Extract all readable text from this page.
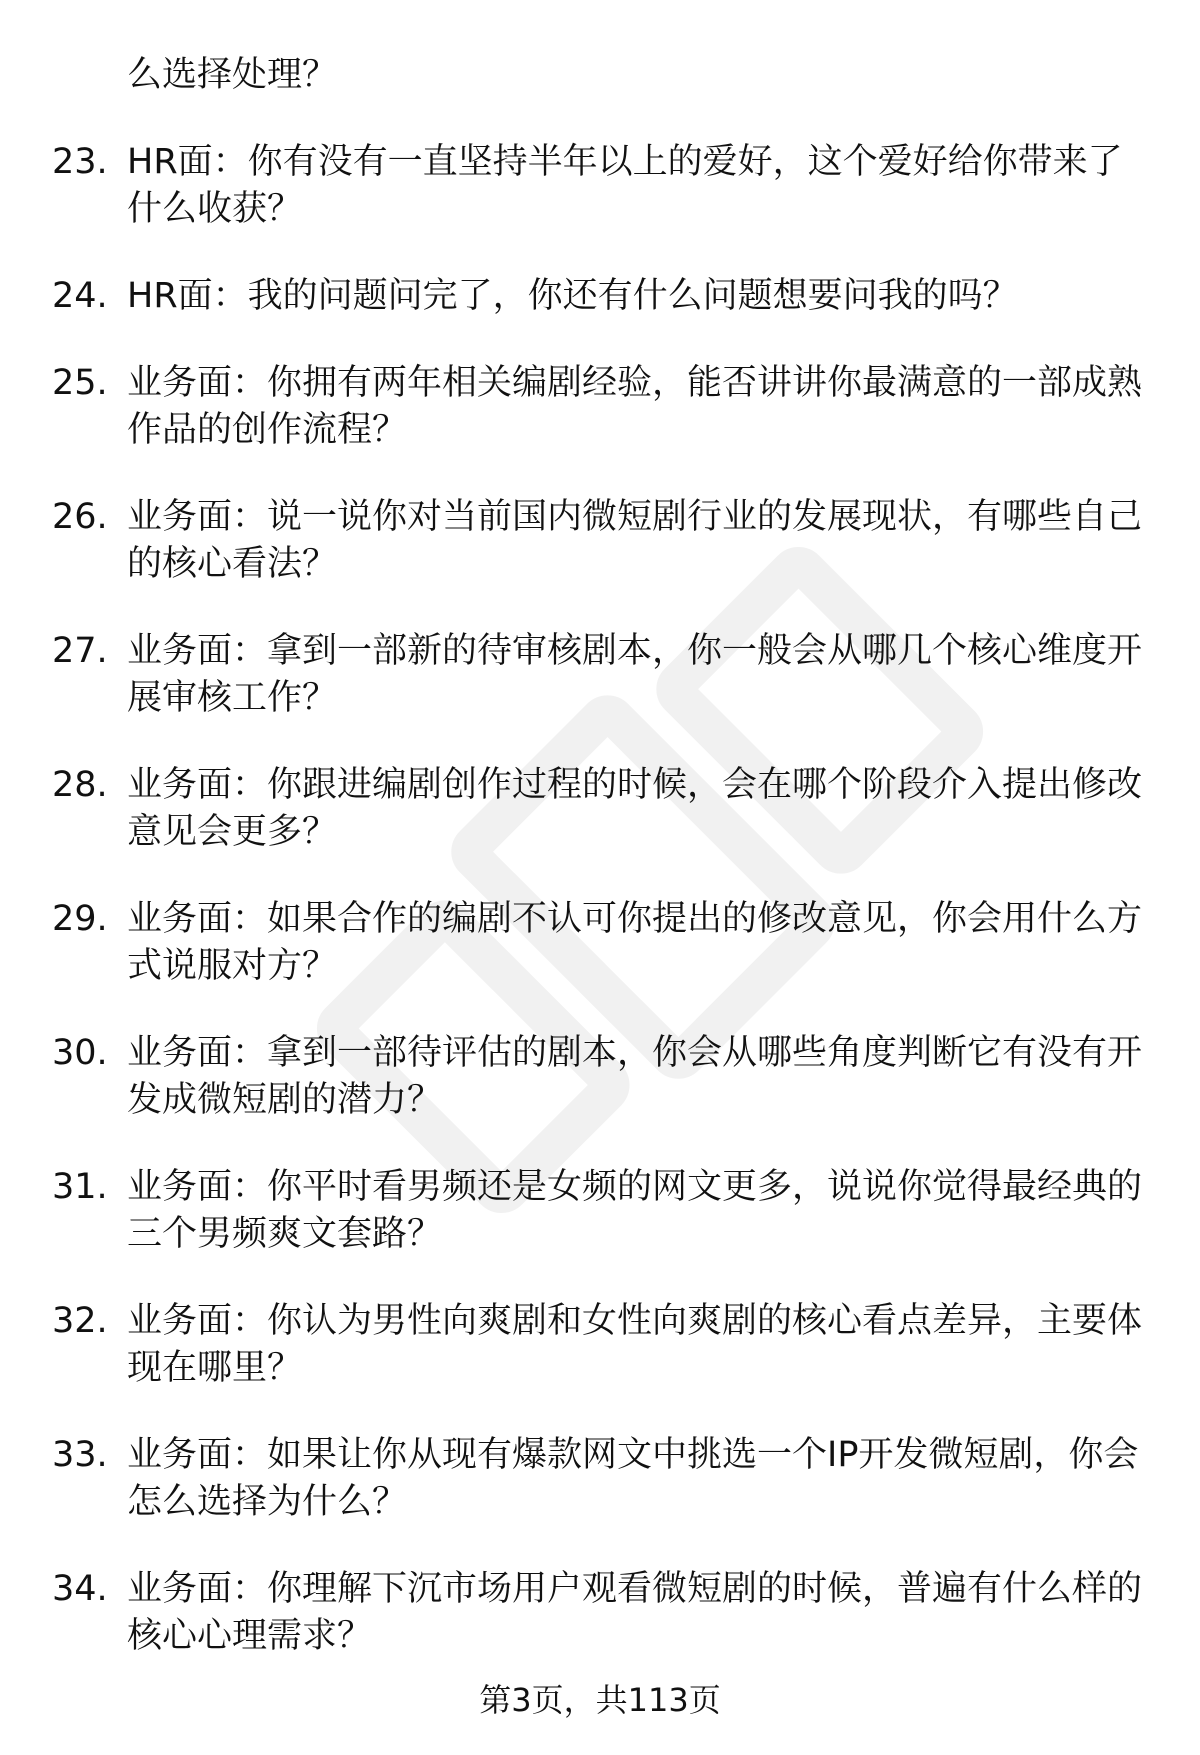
么选择处理？
23. HR面：你有没有一直坚持半年以上的爱好，这个爱好给你带来了什么收获？
24. HR面：我的问题问完了，你还有什么问题想要问我的吗？
25. 业务面：你拥有两年相关编剧经验，能否讲讲你最满意的一部成熟作品的创作流程？
26. 业务面：说一说你对当前国内微短剧行业的发展现状，有哪些自己的核心看法？
27. 业务面：拿到一部新的待审核剧本，你一般会从哪几个核心维度开展审核工作？
28. 业务面：你跟进编剧创作过程的时候，会在哪个阶段介入提出修改意见会更多？
29. 业务面：如果合作的编剧不认可你提出的修改意见，你会用什么方式说服对方？
30. 业务面：拿到一部待评估的剧本，你会从哪些角度判断它有没有开发成微短剧的潜力？
31. 业务面：你平时看男频还是女频的网文更多，说说你觉得最经典的三个男频爽文套路？
32. 业务面：你认为男性向爽剧和女性向爽剧的核心看点差异，主要体现在哪里？
33. 业务面：如果让你从现有爆款网文中挑选一个IP开发微短剧，你会怎么选择为什么？
34. 业务面：你理解下沉市场用户观看微短剧的时候，普遍有什么样的核心心理需求？
第3页，共113页
